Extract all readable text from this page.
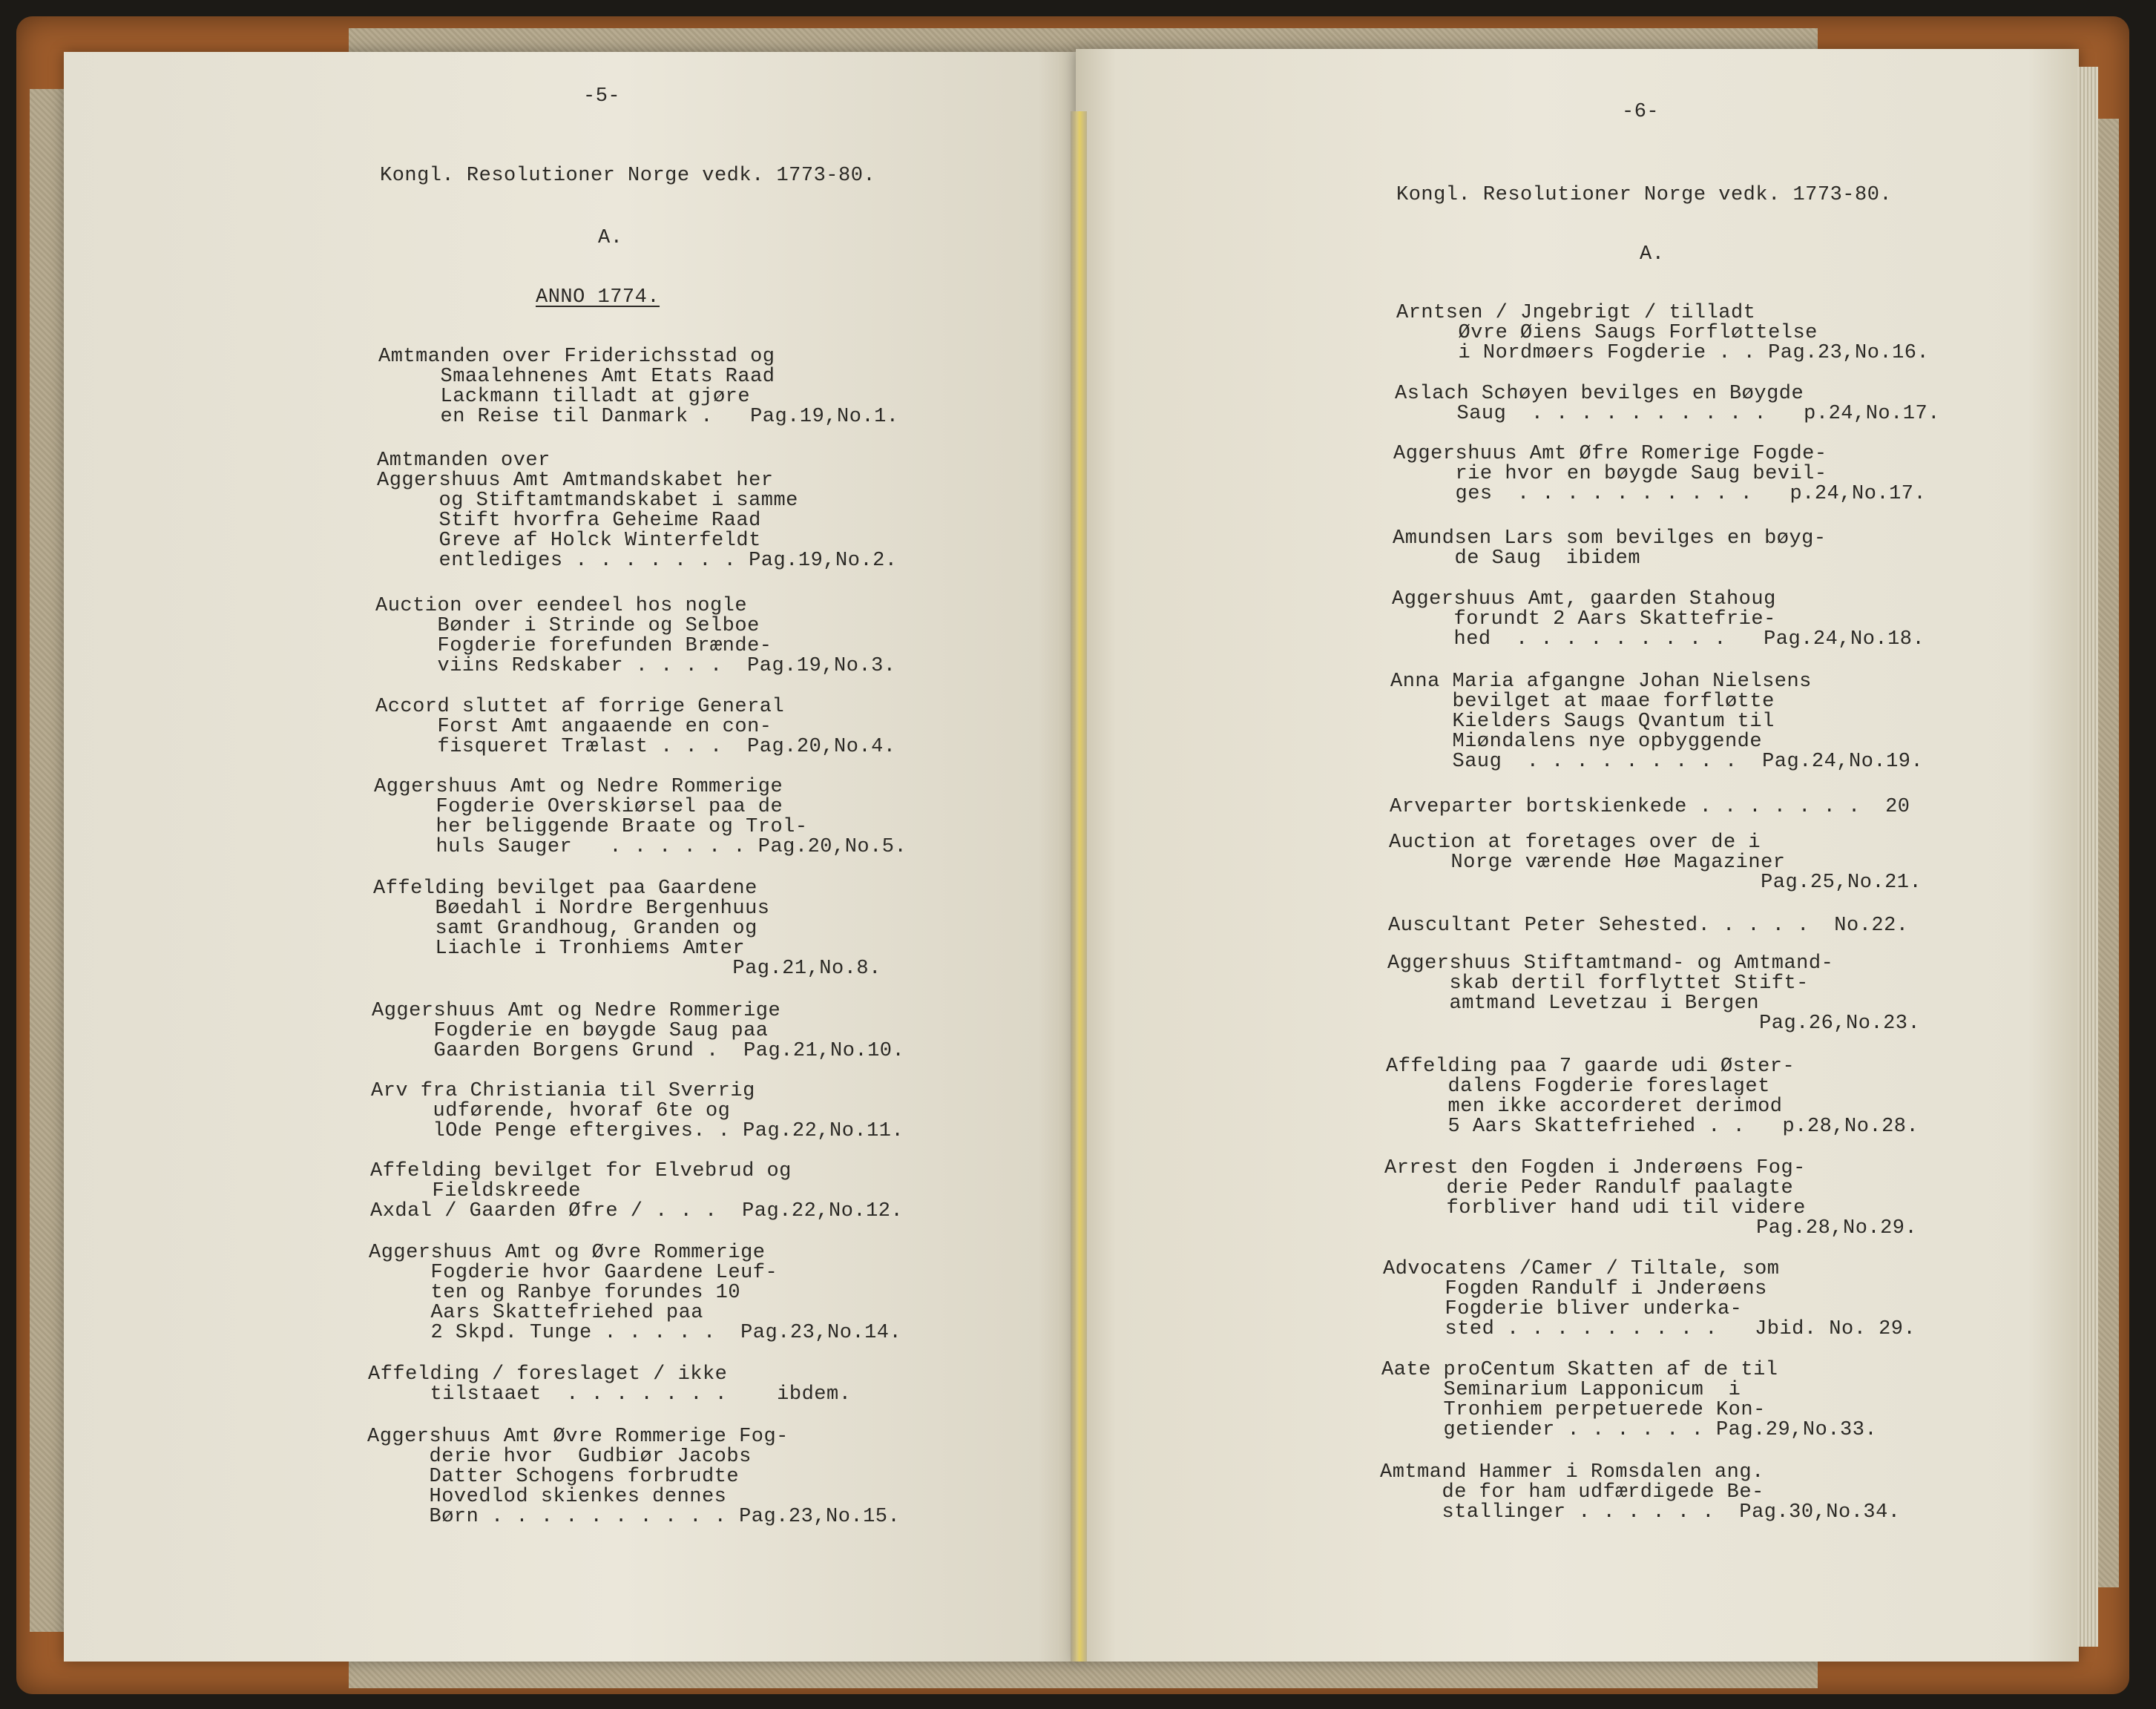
-5-
Kongl. Resolutioner Norge vedk. 1773-80.
A.
ANNO 1774.
Amtmanden over Friderichsstad og
Smaalehnenes Amt Etats Raad
Lackmann tilladt at gjøre
en Reise til Danmark .   Pag.19,No.1.
Amtmanden over
Aggershuus Amt Amtmandskabet her
og Stiftamtmandskabet i samme
Stift hvorfra Geheime Raad
Greve af Holck Winterfeldt
entlediges . . . . . . . Pag.19,No.2.
Auction over eendeel hos nogle
Bønder i Strinde og Selboe
Fogderie forefunden Brænde-
viins Redskaber . . . .  Pag.19,No.3.
Accord sluttet af forrige General
Forst Amt angaaende en con-
fisqueret Trælast . . .  Pag.20,No.4.
Aggershuus Amt og Nedre Rommerige
Fogderie Overskiørsel paa de
her beliggende Braate og Trol-
huls Sauger   . . . . . . Pag.20,No.5.
Affelding bevilget paa Gaardene
Bøedahl i Nordre Bergenhuus
samt Grandhoug, Granden og
Liachle i Tronhiems Amter
Pag.21,No.8.
Aggershuus Amt og Nedre Rommerige
Fogderie en bøygde Saug paa
Gaarden Borgens Grund .  Pag.21,No.10.
Arv fra Christiania til Sverrig
udførende, hvoraf 6te og
lOde Penge eftergives. . Pag.22,No.11.
Affelding bevilget for Elvebrud og
Fieldskreede
Axdal / Gaarden Øfre / . . .  Pag.22,No.12.
Aggershuus Amt og Øvre Rommerige
Fogderie hvor Gaardene Leuf-
ten og Ranbye forundes 10
Aars Skattefriehed paa
2 Skpd. Tunge . . . . .  Pag.23,No.14.
Affelding / foreslaget / ikke
tilstaaet  . . . . . . .    ibdem.
Aggershuus Amt Øvre Rommerige Fog-
derie hvor  Gudbiør Jacobs
Datter Schogens forbrudte
Hovedlod skienkes dennes
Børn . . . . . . . . . . Pag.23,No.15.
-6-
Kongl. Resolutioner Norge vedk. 1773-80.
A.
Arntsen / Jngebrigt / tilladt
Øvre Øiens Saugs Forfløttelse
i Nordmøers Fogderie . . Pag.23,No.16.
Aslach Schøyen bevilges en Bøygde
Saug  . . . . . . . . . .   p.24,No.17.
Aggershuus Amt Øfre Romerige Fogde-
rie hvor en bøygde Saug bevil-
ges  . . . . . . . . . .   p.24,No.17.
Amundsen Lars som bevilges en bøyg-
de Saug  ibidem
Aggershuus Amt, gaarden Stahoug
forundt 2 Aars Skattefrie-
hed  . . . . . . . . .   Pag.24,No.18.
Anna Maria afgangne Johan Nielsens
bevilget at maae forfløtte
Kielders Saugs Qvantum til
Miøndalens nye opbyggende
Saug  . . . . . . . . .  Pag.24,No.19.
Arveparter bortskienkede . . . . . . .  20
Auction at foretages over de i
Norge værende Høe Magaziner
Pag.25,No.21.
Auscultant Peter Sehested. . . . .  No.22.
Aggershuus Stiftamtmand- og Amtmand-
skab dertil forflyttet Stift-
amtmand Levetzau i Bergen
Pag.26,No.23.
Affelding paa 7 gaarde udi Øster-
dalens Fogderie foreslaget
men ikke accorderet derimod
5 Aars Skattefriehed . .   p.28,No.28.
Arrest den Fogden i Jnderøens Fog-
derie Peder Randulf paalagte
forbliver hand udi til videre
Pag.28,No.29.
Advocatens /Camer / Tiltale, som
Fogden Randulf i Jnderøens
Fogderie bliver underka-
sted . . . . . . . . .   Jbid. No. 29.
Aate proCentum Skatten af de til
Seminarium Lapponicum  i
Tronhiem perpetuerede Kon-
getiender . . . . . . Pag.29,No.33.
Amtmand Hammer i Romsdalen ang.
de for ham udfærdigede Be-
stallinger . . . . . .  Pag.30,No.34.
